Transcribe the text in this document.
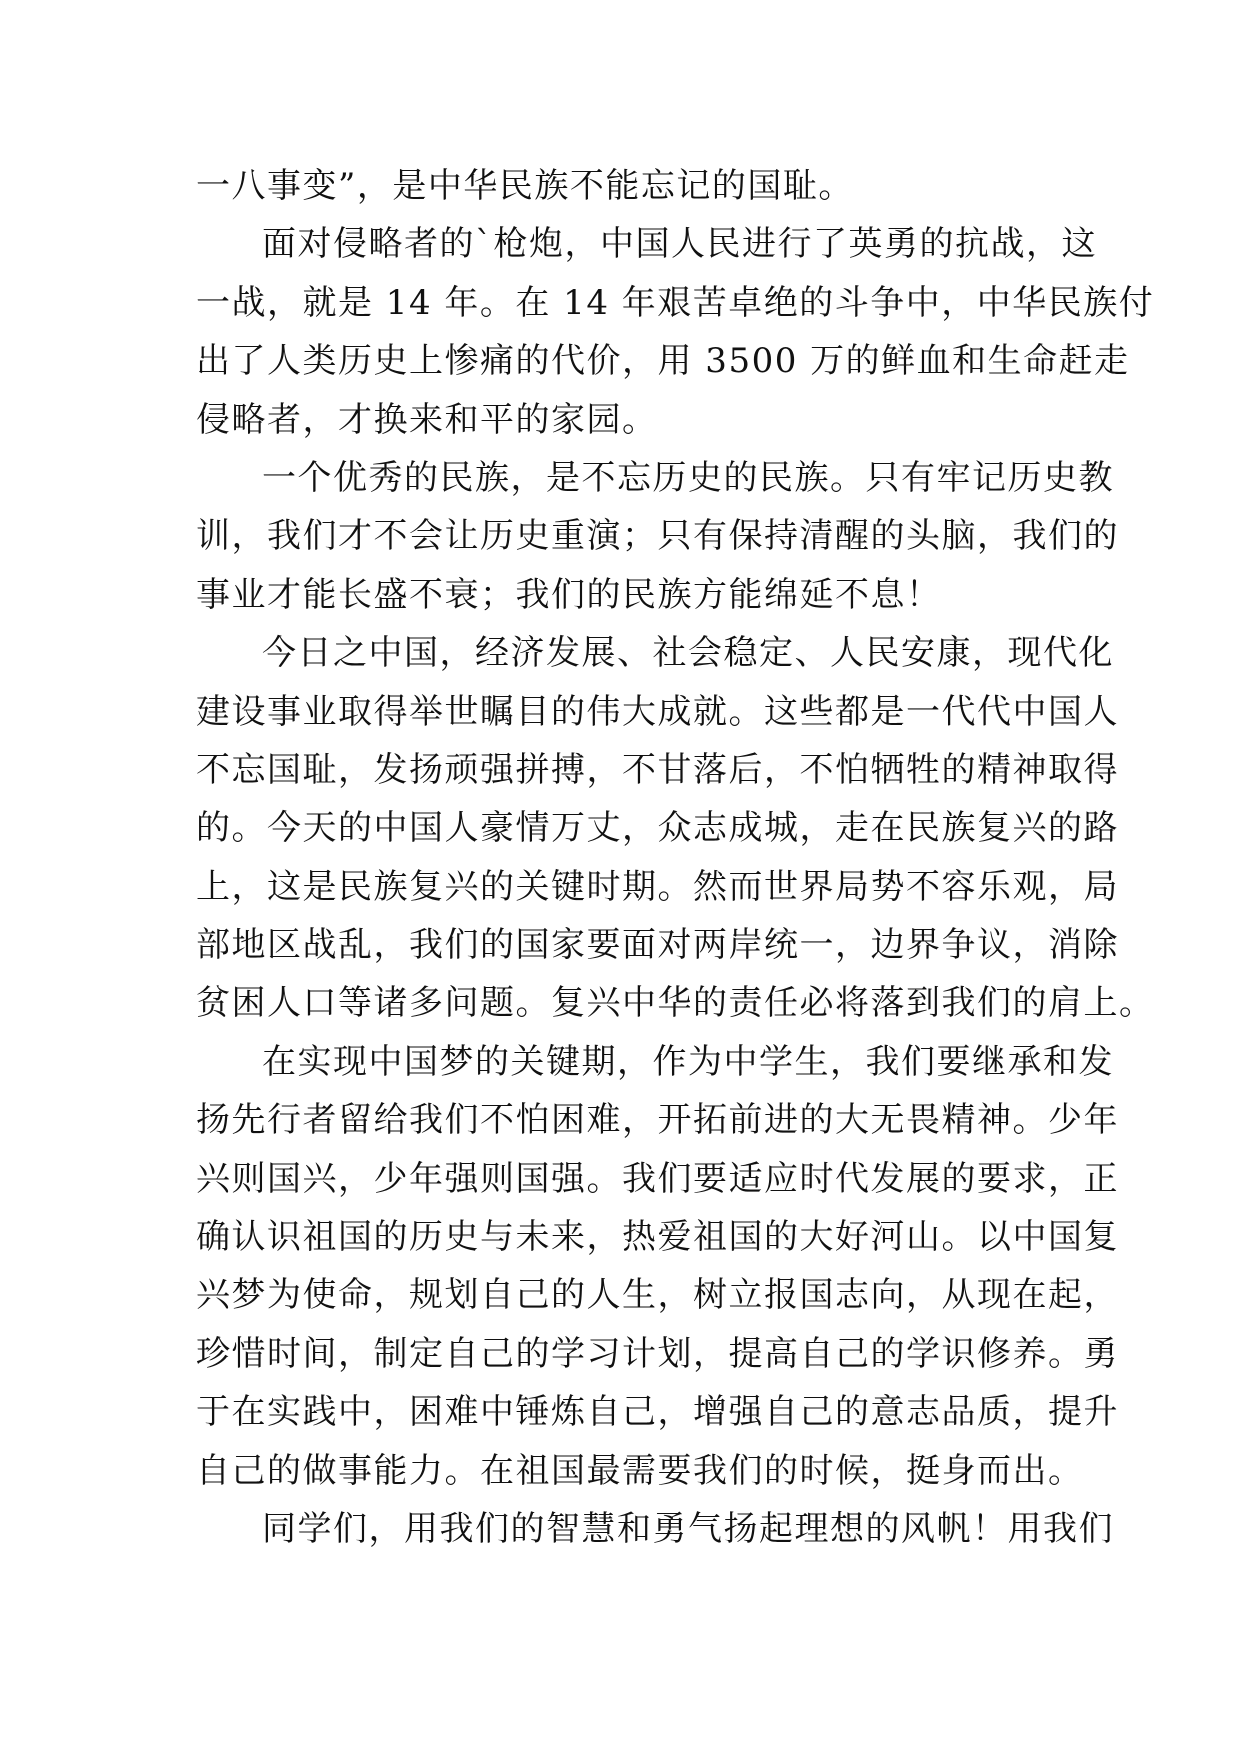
一八事变”，是中华民族不能忘记的国耻。
面对侵略者的`枪炮，中国人民进行了英勇的抗战，这
一战，就是 14 年。在 14 年艰苦卓绝的斗争中，中华民族付
出了人类历史上惨痛的代价，用 3500 万的鲜血和生命赶走
侵略者，才换来和平的家园。
一个优秀的民族，是不忘历史的民族。只有牢记历史教
训，我们才不会让历史重演；只有保持清醒的头脑，我们的
事业才能长盛不衰；我们的民族方能绵延不息！
今日之中国，经济发展、社会稳定、人民安康，现代化
建设事业取得举世瞩目的伟大成就。这些都是一代代中国人
不忘国耻，发扬顽强拼搏，不甘落后，不怕牺牲的精神取得
的。今天的中国人豪情万丈，众志成城，走在民族复兴的路
上，这是民族复兴的关键时期。然而世界局势不容乐观，局
部地区战乱，我们的国家要面对两岸统一，边界争议，消除
贫困人口等诸多问题。复兴中华的责任必将落到我们的肩上。
在实现中国梦的关键期，作为中学生，我们要继承和发
扬先行者留给我们不怕困难，开拓前进的大无畏精神。少年
兴则国兴，少年强则国强。我们要适应时代发展的要求，正
确认识祖国的历史与未来，热爱祖国的大好河山。以中国复
兴梦为使命，规划自己的人生，树立报国志向，从现在起，
珍惜时间，制定自己的学习计划，提高自己的学识修养。勇
于在实践中，困难中锤炼自己，增强自己的意志品质，提升
自己的做事能力。在祖国最需要我们的时候，挺身而出。
同学们，用我们的智慧和勇气扬起理想的风帆！用我们
